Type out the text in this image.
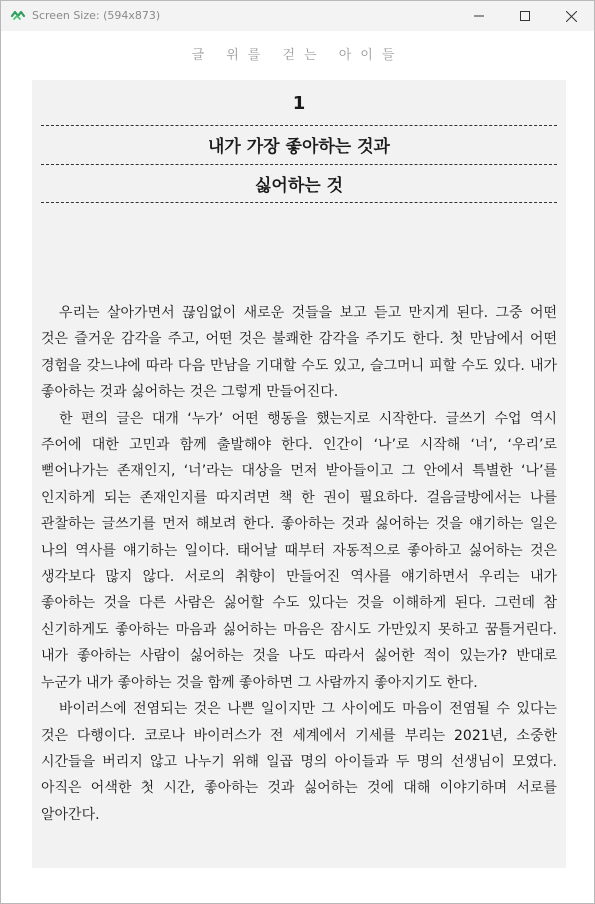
Screen Size: (594x873)
글 위를 걷는 아이들
1
내가 가장 좋아하는 것과
싫어하는 것

우리는 살아가면서 끊임없이 새로운 것들을 보고 듣고 만지게 된다. 그중 어떤 것은 즐거운 감각을 주고, 어떤 것은 불쾌한 감각을 주기도 한다. 첫 만남에서 어떤 경험을 갖느냐에 따라 다음 만남을 기대할 수도 있고, 슬그머니 피할 수도 있다. 내가 좋아하는 것과 싫어하는 것은 그렇게 만들어진다.

한 편의 글은 대개 ‘누가’ 어떤 행동을 했는지로 시작한다. 글쓰기 수업 역시 주어에 대한 고민과 함께 출발해야 한다. 인간이 ‘나’로 시작해 ‘너’, ‘우리’로 뻗어나가는 존재인지, ‘너’라는 대상을 먼저 받아들이고 그 안에서 특별한 ‘나’를 인지하게 되는 존재인지를 따지려면 책 한 권이 필요하다. 걸음글방에서는 나를 관찰하는 글쓰기를 먼저 해보려 한다. 좋아하는 것과 싫어하는 것을 얘기하는 일은 나의 역사를 얘기하는 일이다. 태어날 때부터 자동적으로 좋아하고 싫어하는 것은 생각보다 많지 않다. 서로의 취향이 만들어진 역사를 얘기하면서 우리는 내가 좋아하는 것을 다른 사람은 싫어할 수도 있다는 것을 이해하게 된다. 그런데 참 신기하게도 좋아하는 마음과 싫어하는 마음은 잠시도 가만있지 못하고 꿈틀거린다. 내가 좋아하는 사람이 싫어하는 것을 나도 따라서 싫어한 적이 있는가? 반대로 누군가 내가 좋아하는 것을 함께 좋아하면 그 사람까지 좋아지기도 한다.

바이러스에 전염되는 것은 나쁜 일이지만 그 사이에도 마음이 전염될 수 있다는 것은 다행이다. 코로나 바이러스가 전 세계에서 기세를 부리는 2021년, 소중한 시간들을 버리지 않고 나누기 위해 일곱 명의 아이들과 두 명의 선생님이 모였다. 아직은 어색한 첫 시간, 좋아하는 것과 싫어하는 것에 대해 이야기하며 서로를 알아간다.
